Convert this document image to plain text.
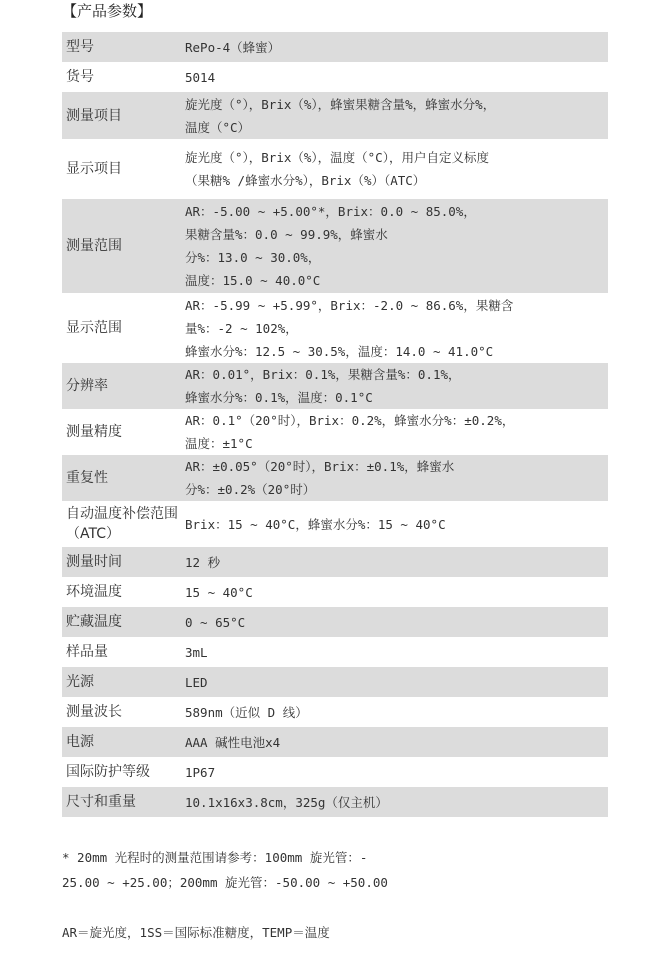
【产品参数】
型号	RePo-4（蜂蜜）
货号	5014
测量项目	旋光度（°），Brix（%），蜂蜜果糖含量%，蜂蜜水分%，
温度（°C）
显示项目	旋光度（°），Brix（%），温度（°C），用户自定义标度
（果糖% /蜂蜜水分%），Brix（%）（ATC）
测量范围	AR：-5.00 ~ +5.00°*，Brix：0.0 ~ 85.0%，
果糖含量%：0.0 ~ 99.9%，蜂蜜水
分%：13.0 ~ 30.0%，
温度：15.0 ~ 40.0°C
显示范围	AR：-5.99 ~ +5.99°，Brix：-2.0 ~ 86.6%，果糖含
量%：-2 ~ 102%，
蜂蜜水分%：12.5 ~ 30.5%，温度：14.0 ~ 41.0°C
分辨率	AR：0.01°，Brix：0.1%，果糖含量%：0.1%，
蜂蜜水分%：0.1%，温度：0.1°C
测量精度	AR：0.1°（20°时），Brix：0.2%，蜂蜜水分%：±0.2%，
温度：±1°C
重复性	AR：±0.05°（20°时），Brix：±0.1%，蜂蜜水
分%：±0.2%（20°时）
自动温度补偿范围（ATC）	Brix：15 ~ 40°C，蜂蜜水分%：15 ~ 40°C
测量时间	12 秒
环境温度	15 ~ 40°C
贮藏温度	0 ~ 65°C
样品量	3mL
光源	LED
测量波长	589nm（近似 D 线）
电源	AAA 碱性电池x4
国际防护等级	1P67
尺寸和重量	10.1x16x3.8cm，325g（仅主机）

* 20mm 光程时的测量范围请参考：100mm 旋光管：-
25.00 ~ +25.00；200mm 旋光管：-50.00 ~ +50.00

AR＝旋光度，1SS＝国际标准糖度，TEMP＝温度
